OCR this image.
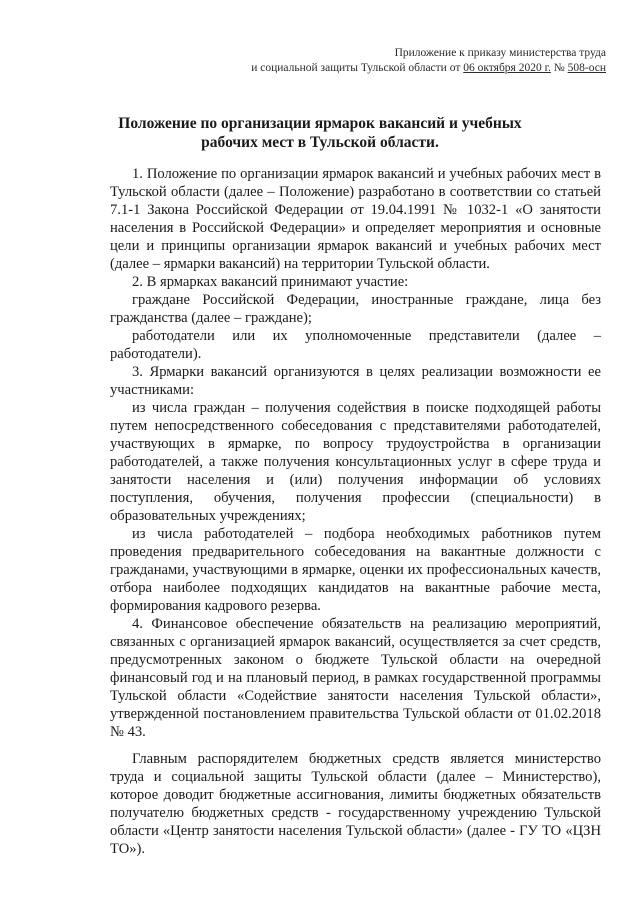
Приложение к приказу министерства труда
и социальной защиты Тульской области от 06 октября 2020 г. № 508-осн
Положение по организации ярмарок вакансий и учебных рабочих мест в Тульской области.

1. Положение по организации ярмарок вакансий и учебных рабочих мест в Тульской области (далее – Положение) разработано в соответствии со статьей 7.1-1 Закона Российской Федерации от 19.04.1991 № 1032-1 «О занятости населения в Российской Федерации» и определяет мероприятия и основные цели и принципы организации ярмарок вакансий и учебных рабочих мест (далее – ярмарки вакансий) на территории Тульской области.

2. В ярмарках вакансий принимают участие:

граждане Российской Федерации, иностранные граждане, лица без гражданства (далее – граждане);

работодатели или их уполномоченные представители (далее – работодатели).

3. Ярмарки вакансий организуются в целях реализации возможности ее участниками:

из числа граждан – получения содействия в поиске подходящей работы путем непосредственного собеседования с представителями работодателей, участвующих в ярмарке, по вопросу трудоустройства в организации работодателей, а также получения консультационных услуг в сфере труда и занятости населения и (или) получения информации об условиях поступления, обучения, получения профессии (специальности) в образовательных учреждениях;

из числа работодателей – подбора необходимых работников путем проведения предварительного собеседования на вакантные должности с гражданами, участвующими в ярмарке, оценки их профессиональных качеств, отбора наиболее подходящих кандидатов на вакантные рабочие места, формирования кадрового резерва.

4. Финансовое обеспечение обязательств на реализацию мероприятий, связанных с организацией ярмарок вакансий, осуществляется за счет средств, предусмотренных законом о бюджете Тульской области на очередной финансовый год и на плановый период, в рамках государственной программы Тульской области «Содействие занятости населения Тульской области», утвержденной постановлением правительства Тульской области от 01.02.2018 № 43.

Главным распорядителем бюджетных средств является министерство труда и социальной защиты Тульской области (далее – Министерство), которое доводит бюджетные ассигнования, лимиты бюджетных обязательств получателю бюджетных средств - государственному учреждению Тульской области «Центр занятости населения Тульской области» (далее - ГУ ТО «ЦЗН ТО»).
